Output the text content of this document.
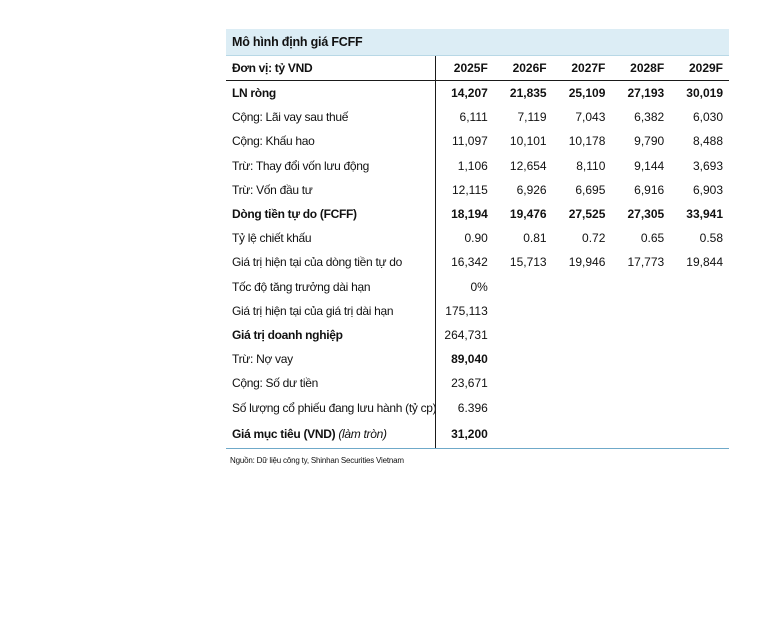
Mô hình định giá FCFF
Đơn vị: tỷ VND	2025F	2026F	2027F	2028F	2029F
LN ròng	14,207	21,835	25,109	27,193	30,019
Cộng: Lãi vay sau thuế	6,111	7,119	7,043	6,382	6,030
Cộng: Khấu hao	11,097	10,101	10,178	9,790	8,488
Trừ: Thay đổi vốn lưu động	1,106	12,654	8,110	9,144	3,693
Trừ: Vốn đầu tư	12,115	6,926	6,695	6,916	6,903
Dòng tiền tự do (FCFF)	18,194	19,476	27,525	27,305	33,941
Tỷ lệ chiết khấu	0.90	0.81	0.72	0.65	0.58
Giá trị hiện tại của dòng tiền tự do	16,342	15,713	19,946	17,773	19,844
Tốc độ tăng trưởng dài hạn	0%				
Giá trị hiện tại của giá trị dài hạn	175,113				
Giá trị doanh nghiệp	264,731				
Trừ: Nợ vay	89,040				
Cộng: Số dư tiền	23,671				
Số lượng cổ phiếu đang lưu hành (tỷ cp)	6.396				
Giá mục tiêu (VND) (làm tròn)	31,200				
Nguồn: Dữ liệu công ty, Shinhan Securities Vietnam
